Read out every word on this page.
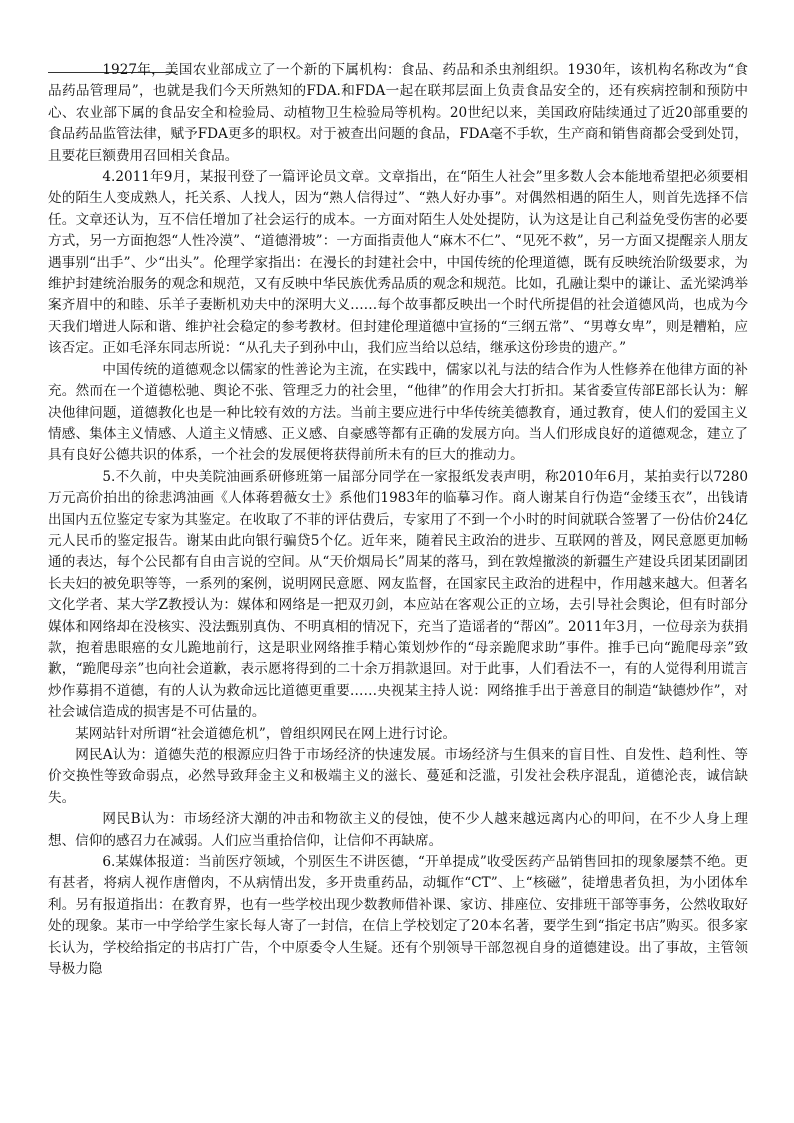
1927年，美国农业部成立了一个新的下属机构：食品、药品和杀虫剂组织。1930年，该机构名称改为“食品药品管理局”，也就是我们今天所熟知的FDA.和FDA一起在联邦层面上负责食品安全的，还有疾病控制和预防中心、农业部下属的食品安全和检验局、动植物卫生检验局等机构。20世纪以来，美国政府陆续通过了近20部重要的食品药品监管法律，赋予FDA更多的职权。对于被查出问题的食品，FDA毫不手软，生产商和销售商都会受到处罚，且要花巨额费用召回相关食品。

4.2011年9月，某报刊登了一篇评论员文章。文章指出，在“陌生人社会”里多数人会本能地希望把必须要相处的陌生人变成熟人，托关系、人找人，因为“熟人信得过”、“熟人好办事”。对偶然相遇的陌生人，则首先选择不信任。文章还认为，互不信任增加了社会运行的成本。一方面对陌生人处处提防，认为这是让自己利益免受伤害的必要方式，另一方面抱怨“人性冷漠”、“道德滑坡”：一方面指责他人“麻木不仁”、“见死不救”，另一方面又提醒亲人朋友遇事别“出手”、少“出头”。伦理学家指出：在漫长的封建社会中，中国传统的伦理道德，既有反映统治阶级要求，为维护封建统治服务的观念和规范，又有反映中华民族优秀品质的观念和规范。比如，孔融让梨中的谦让、孟光梁鸿举案齐眉中的和睦、乐羊子妻断机劝夫中的深明大义……每个故事都反映出一个时代所提倡的社会道德风尚，也成为今天我们增进人际和谐、维护社会稳定的参考教材。但封建伦理道德中宣扬的“三纲五常”、“男尊女卑”，则是糟粕，应该否定。正如毛泽东同志所说：“从孔夫子到孙中山，我们应当给以总结，继承这份珍贵的遗产。”

中国传统的道德观念以儒家的性善论为主流，在实践中，儒家以礼与法的结合作为人性修养在他律方面的补充。然而在一个道德松驰、舆论不张、管理乏力的社会里，“他律”的作用会大打折扣。某省委宣传部E部长认为：解决他律问题，道德教化也是一种比较有效的方法。当前主要应进行中华传统美德教育，通过教育，使人们的爱国主义情感、集体主义情感、人道主义情感、正义感、自豪感等都有正确的发展方向。当人们形成良好的道德观念，建立了具有良好公德共识的体系，一个社会的发展便将获得前所未有的巨大的推动力。

5.不久前，中央美院油画系研修班第一届部分同学在一家报纸发表声明，称2010年6月，某拍卖行以7280万元高价拍出的徐悲鸿油画《人体蒋碧薇女士》系他们1983年的临摹习作。商人谢某自行伪造“金缕玉衣”，出钱请出国内五位鉴定专家为其鉴定。在收取了不菲的评估费后，专家用了不到一个小时的时间就联合签署了一份估价24亿元人民币的鉴定报告。谢某由此向银行骗贷5个亿。近年来，随着民主政治的进步、互联网的普及，网民意愿更加畅通的表达，每个公民都有自由言说的空间。从“天价烟局长”周某的落马，到在敦煌撤淡的新疆生产建设兵团某团副团长夫妇的被免职等等，一系列的案例，说明网民意愿、网友监督，在国家民主政治的进程中，作用越来越大。但著名文化学者、某大学Z教授认为：媒体和网络是一把双刃剑，本应站在客观公正的立场，去引导社会舆论，但有时部分媒体和网络却在没核实、没法甄别真伪、不明真相的情况下，充当了造谣者的“帮凶”。2011年3月，一位母亲为获捐款，抱着患眼癌的女儿跪地前行，这是职业网络推手精心策划炒作的“母亲跪爬求助”事件。推手已向“跪爬母亲”致歉，“跪爬母亲”也向社会道歉，表示愿将得到的二十余万捐款退回。对于此事，人们看法不一，有的人觉得利用谎言炒作募捐不道德，有的人认为救命远比道德更重要……央视某主持人说：网络推手出于善意目的制造“缺德炒作”，对社会诚信造成的损害是不可估量的。

某网站针对所谓“社会道德危机”，曾组织网民在网上进行讨论。

网民A认为：道德失范的根源应归咎于市场经济的快速发展。市场经济与生俱来的盲目性、自发性、趋利性、等价交换性等致命弱点，必然导致拜金主义和极端主义的滋长、蔓延和泛滥，引发社会秩序混乱，道德沦丧，诚信缺失。

网民B认为：市场经济大潮的冲击和物欲主义的侵蚀，使不少人越来越远离内心的叩问，在不少人身上理想、信仰的感召力在减弱。人们应当重拾信仰，让信仰不再缺席。

6.某媒体报道：当前医疗领域，个别医生不讲医德，“开单提成”收受医药产品销售回扣的现象屡禁不绝。更有甚者，将病人视作唐僧肉，不从病情出发，多开贵重药品，动辄作“CT”、上“核磁”，徒增患者负担，为小团体牟利。另有报道指出：在教育界，也有一些学校出现少数教师借补课、家访、排座位、安排班干部等事务，公然收取好处的现象。某市一中学给学生家长每人寄了一封信，在信上学校划定了20本名著，要学生到“指定书店”购买。很多家长认为，学校给指定的书店打广告，个中原委令人生疑。还有个别领导干部忽视自身的道德建设。出了事故，主管领导极力隐
